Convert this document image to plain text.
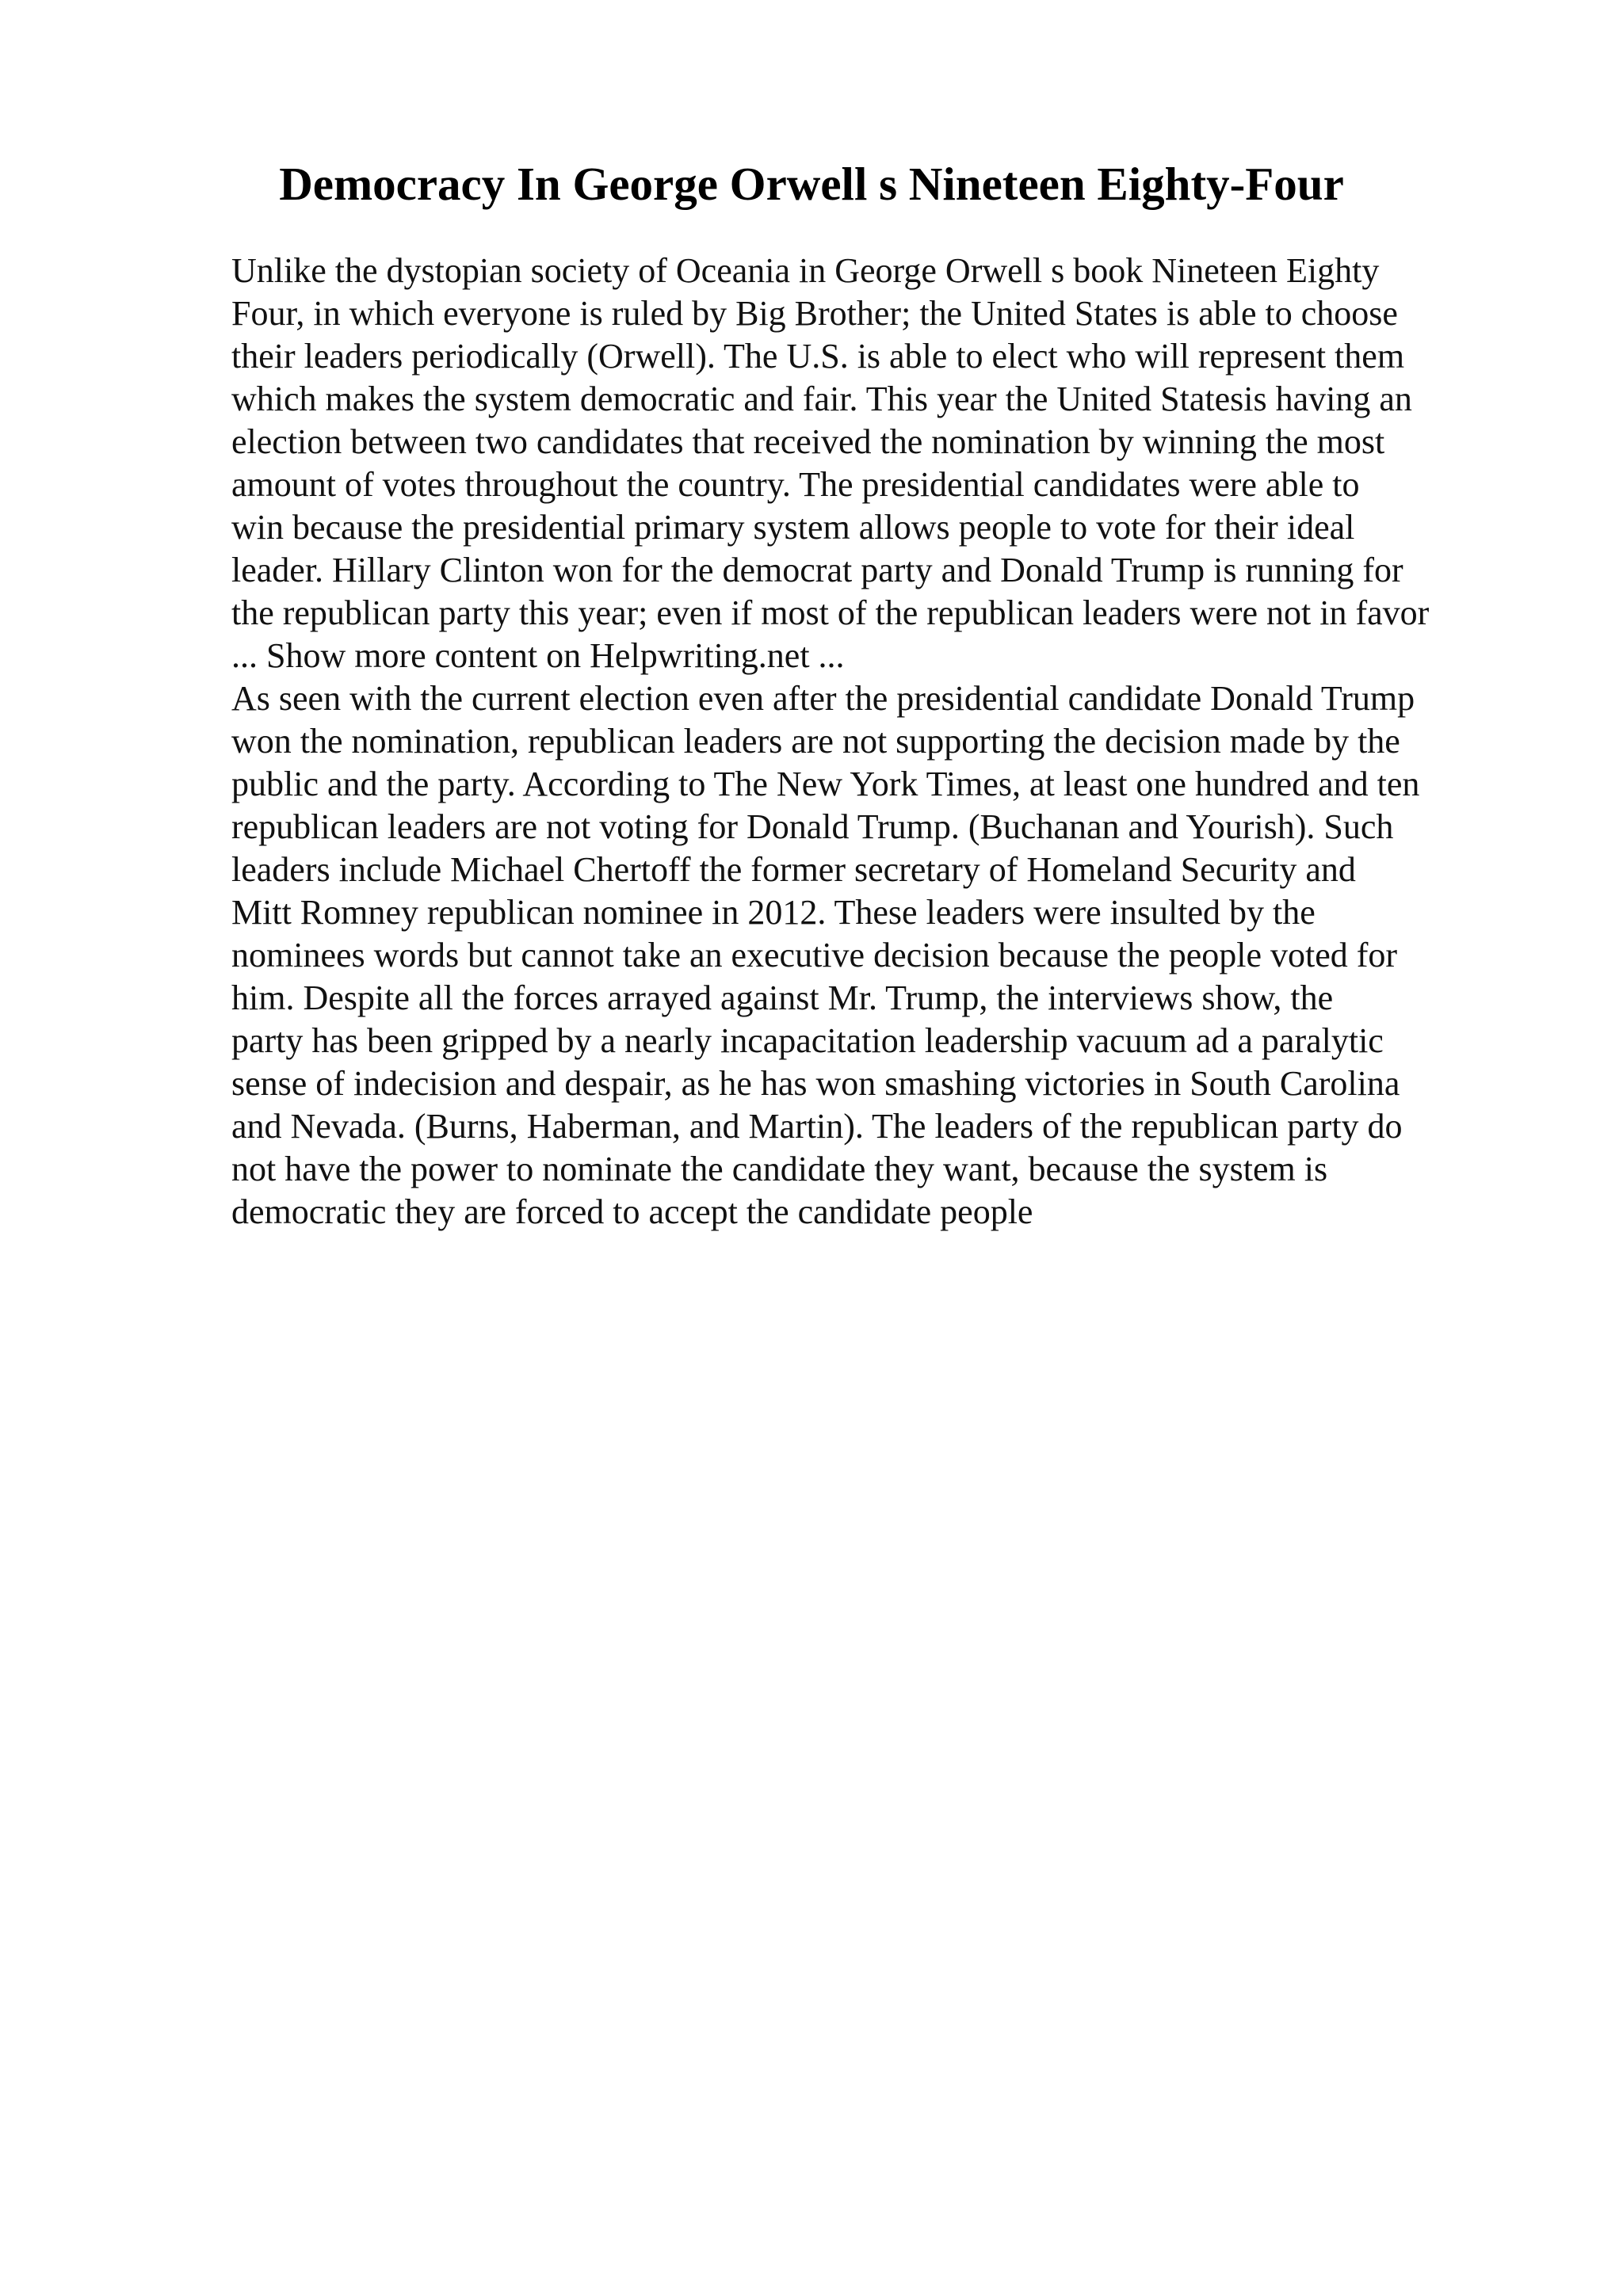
Democracy In George Orwell s Nineteen Eighty-Four
Unlike the dystopian society of Oceania in George Orwell s book Nineteen Eighty
Four, in which everyone is ruled by Big Brother; the United States is able to choose
their leaders periodically (Orwell). The U.S. is able to elect who will represent them
which makes the system democratic and fair. This year the United Statesis having an
election between two candidates that received the nomination by winning the most
amount of votes throughout the country. The presidential candidates were able to
win because the presidential primary system allows people to vote for their ideal
leader. Hillary Clinton won for the democrat party and Donald Trump is running for
the republican party this year; even if most of the republican leaders were not in favor
... Show more content on Helpwriting.net ...
As seen with the current election even after the presidential candidate Donald Trump
won the nomination, republican leaders are not supporting the decision made by the
public and the party. According to The New York Times, at least one hundred and ten
republican leaders are not voting for Donald Trump. (Buchanan and Yourish). Such
leaders include Michael Chertoff the former secretary of Homeland Security and
Mitt Romney republican nominee in 2012. These leaders were insulted by the
nominees words but cannot take an executive decision because the people voted for
him. Despite all the forces arrayed against Mr. Trump, the interviews show, the
party has been gripped by a nearly incapacitation leadership vacuum ad a paralytic
sense of indecision and despair, as he has won smashing victories in South Carolina
and Nevada. (Burns, Haberman, and Martin). The leaders of the republican party do
not have the power to nominate the candidate they want, because the system is
democratic they are forced to accept the candidate people
